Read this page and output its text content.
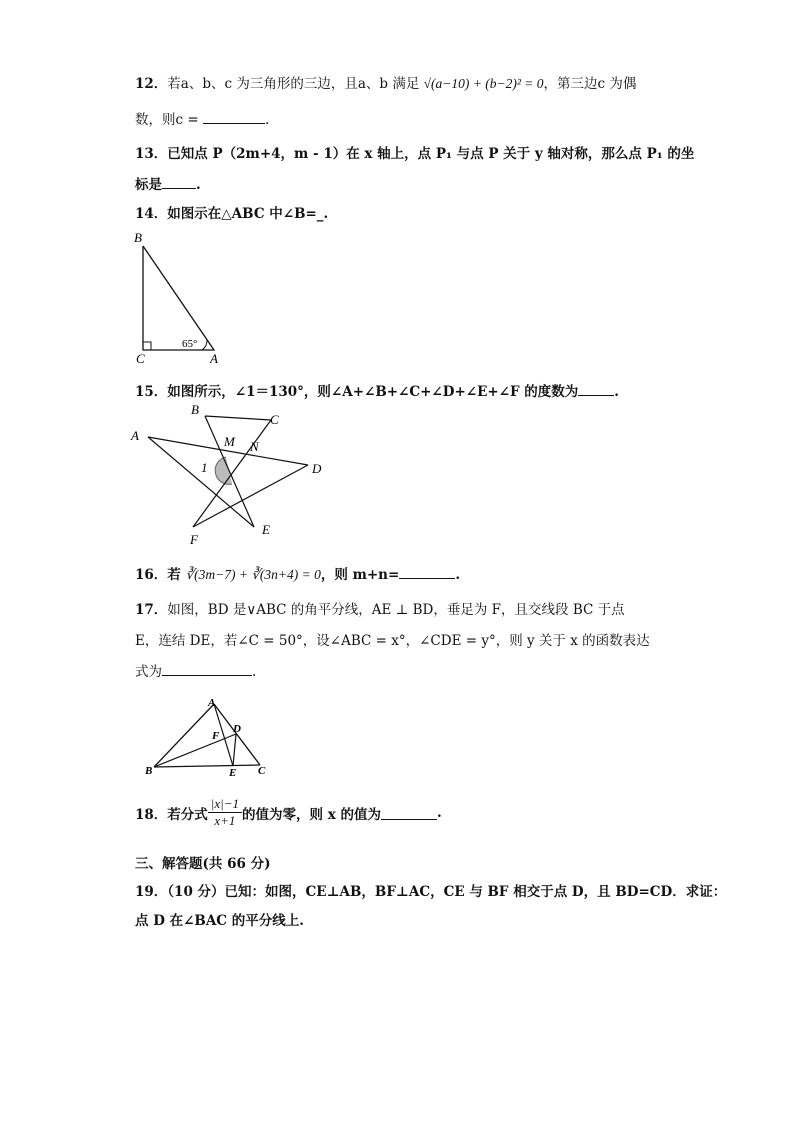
12．若a、b、c 为三角形的三边，且a、b 满足 √(a−10) + (b−2)² = 0，第三边c 为偶
数，则c =	.
13．已知点 P（2m+4，m - 1）在 x 轴上，点 P₁ 与点 P 关于 y 轴对称，那么点 P₁ 的坐
标是	.
14．如图示在△ABC 中∠B=_.
B
C	A
65°
15．如图所示，∠1＝130°，则∠A+∠B+∠C+∠D+∠E+∠F 的度数为	.
A
B
C
D
E
F
M N
1
16．若 ∛(3m−7) + ∛(3n+4) = 0，则 m+n=	.
17．如图，BD 是∨ABC 的角平分线，AE ⊥ BD，垂足为 F，且交线段 BC 于点
E，连结 DE，若∠C = 50°，设∠ABC = x°，∠CDE = y°，则 y 关于 x 的函数表达
式为	.
A
D
F
B	E C
18． 若分式 $\frac{|x|-1}{x+1}$ 的值为零，则 x 的值为	.
三、解答题(共 66 分)
19．（10 分）已知：如图，CE⊥AB，BF⊥AC，CE 与 BF 相交于点 D，且 BD=CD．求证：
点 D 在∠BAC 的平分线上.
